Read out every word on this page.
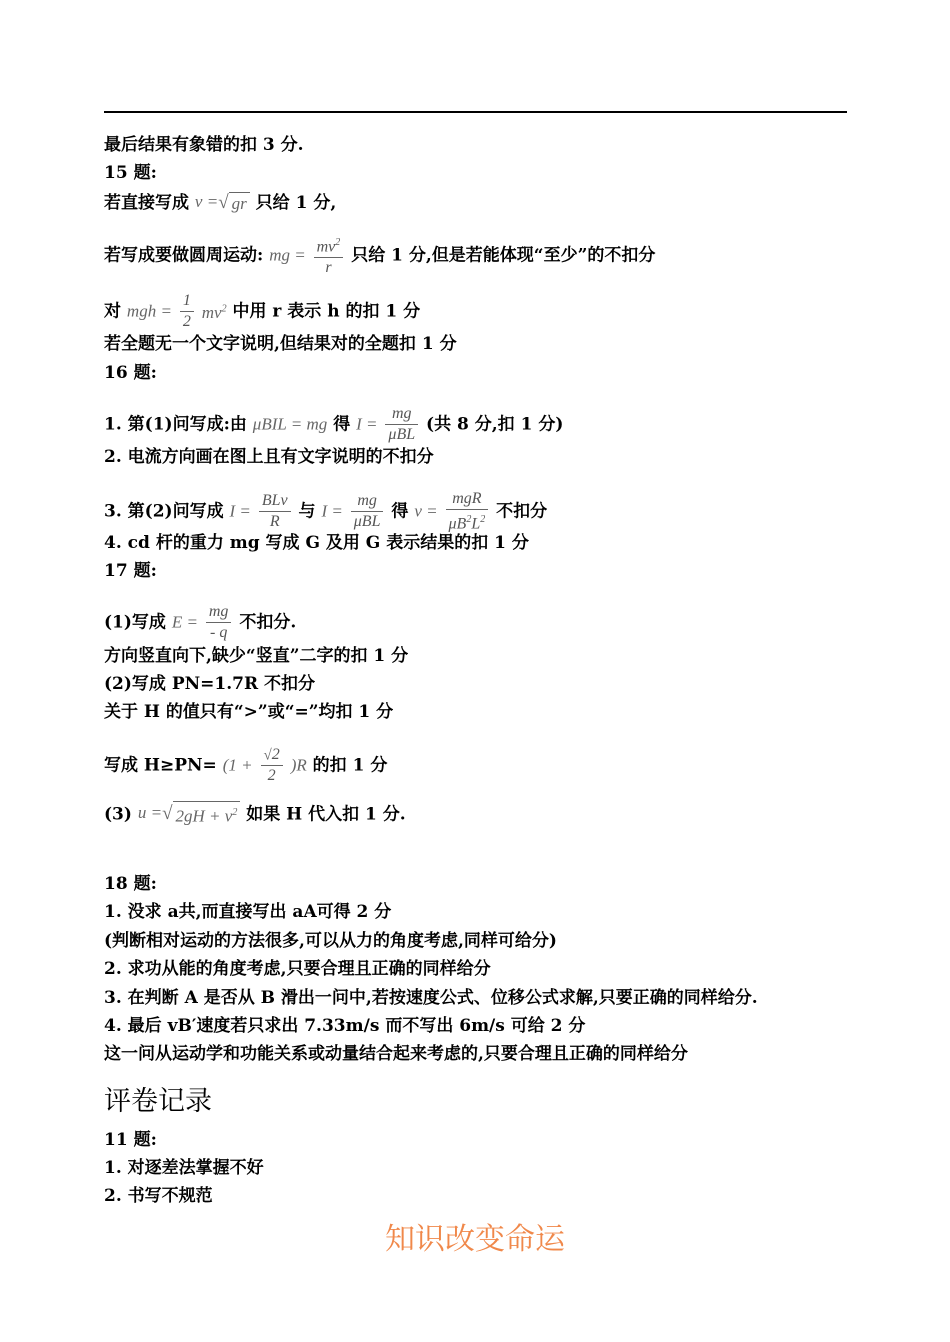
最后结果有象错的扣 3 分.
15 题:
若直接写成 v =√ gr 只给 1 分,
若写成要做圆周运动: mg = $\frac{mv^2}{r}$ 只给 1 分,但是若能体现“至少”的不扣分
对 mgh = $\frac{1}{2} mv^2$ 中用 r 表示 h 的扣 1 分
若全题无一个文字说明,但结果对的全题扣 1 分
16 题:
1. 第(1)问写成:由 μBIL = mg 得 $I = \frac{mg}{\text{μBL}}$ (共 8 分,扣 1 分)
2. 电流方向画在图上且有文字说明的不扣分
3. 第(2)问写成 $I = \frac{\text{BLv}}{R}$ 与 $I = \frac{mg}{\text{μBL}}$ 得 $v = \frac{\text{mgR}}{\mu B^2L^2}$ 不扣分
4. cd 杆的重力 mg 写成 G 及用 G 表示结果的扣 1 分
17 题:
(1)写成 $E = \frac{mg}{- q}$ 不扣分.
方向竖直向下,缺少“竖直”二字的扣 1 分
(2)写成 PN=1.7R 不扣分
关于 H 的值只有“>”或“=”均扣 1 分
写成 $H\ge PN= (1 + \frac{√2}{2} )R$ 的扣 1 分
(3) u =√ $2gH + v^2$ 如果 H 代入扣 1 分.
18 题:
1. 没求 a共,而直接写出 aA可得 2 分
(判断相对运动的方法很多,可以从力的角度考虑,同样可给分)
2. 求功从能的角度考虑,只要合理且正确的同样给分
3. 在判断 A 是否从 B 滑出一问中,若按速度公式、位移公式求解,只要正确的同样给分.
4. 最后 vB′速度若只求出 7.33m/s 而不写出 6m/s 可给 2 分
这一问从运动学和功能关系或动量结合起来考虑的,只要合理且正确的同样给分
评卷记录
11 题:
1. 对逐差法掌握不好
2. 书写不规范
知识改变命运
